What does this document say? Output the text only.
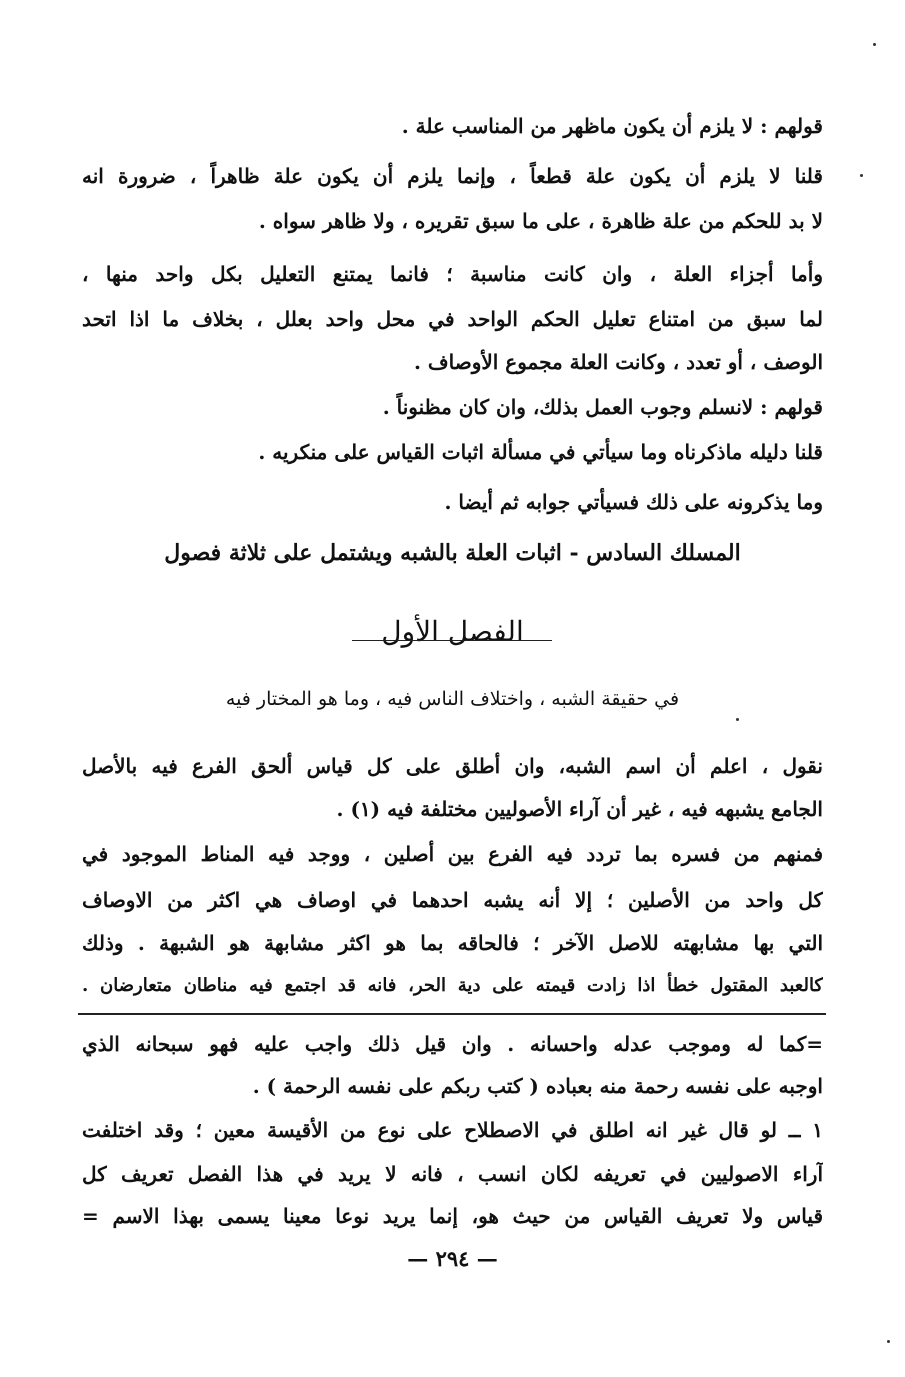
قولهم : لا يلزم أن يكون ماظهر من المناسب علة .
قلنا لا يلزم أن يكون علة قطعاً ، وإنما يلزم أن يكون علة ظاهراً ، ضرورة انه
لا بد للحكم من علة ظاهرة ، على ما سبق تقريره ، ولا ظاهر سواه .
وأما أجزاء العلة ، وان كانت مناسبة ؛ فانما يمتنع التعليل بكل واحد منها ،
لما سبق من امتناع تعليل الحكم الواحد في محل واحد بعلل ، بخلاف ما اذا اتحد
الوصف ، أو تعدد ، وكانت العلة مجموع الأوصاف .
قولهم : لانسلم وجوب العمل بذلك، وان كان مظنوناً .
قلنا دليله ماذكرناه وما سيأتي في مسألة اثبات القياس على منكريه .
وما يذكرونه على ذلك فسيأتي جوابه ثم أيضا .
المسلك السادس - اثبات العلة بالشبه ويشتمل على ثلاثة فصول
الفصل الأول
في حقيقة الشبه ، واختلاف الناس فيه ، وما هو المختار فيه
نقول ، اعلم أن اسم الشبه، وان أطلق على كل قياس ألحق الفرع فيه بالأصل
الجامع يشبهه فيه ، غير أن آراء الأصوليين مختلفة فيه (١) .
فمنهم من فسره بما تردد فيه الفرع بين أصلين ، ووجد فيه المناط الموجود في
كل واحد من الأصلين ؛ إلا أنه يشبه احدهما في اوصاف هي اكثر من الاوصاف
التي بها مشابهته للاصل الآخر ؛ فالحاقه بما هو اكثر مشابهة هو الشبهة . وذلك
كالعبد المقتول خطأ اذا زادت قيمته على دية الحر، فانه قد اجتمع فيه مناطان متعارضان .
=كما له وموجب عدله واحسانه . وان قيل ذلك واجب عليه فهو سبحانه الذي
اوجبه على نفسه رحمة منه بعباده ( كتب ربكم على نفسه الرحمة ) .
١ ــ لو قال غير انه اطلق في الاصطلاح على نوع من الأقيسة معين ؛ وقد اختلفت
آراء الاصوليين في تعريفه لكان انسب ، فانه لا يريد في هذا الفصل تعريف كل
قياس ولا تعريف القياس من حيث هو، إنما يريد نوعا معينا يسمى بهذا الاسم =
— ٢٩٤ —
